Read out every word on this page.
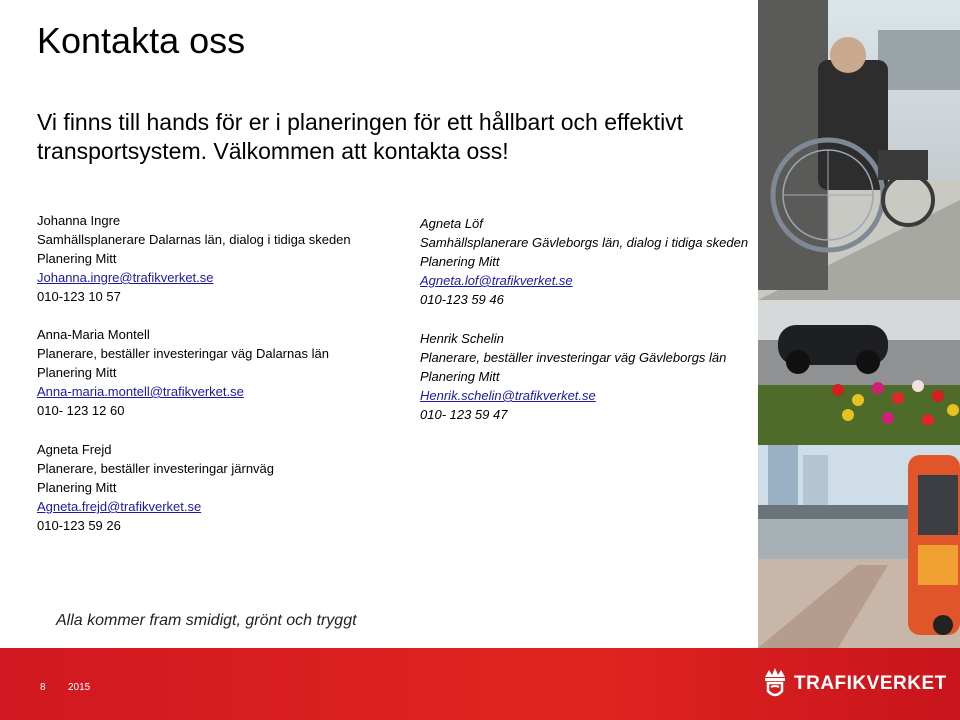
Kontakta oss
Vi finns till hands för er i planeringen för ett hållbart och effektivt transportsystem. Välkommen att kontakta oss!
Johanna Ingre
Samhällsplanerare Dalarnas län, dialog i tidiga skeden
Planering Mitt
Johanna.ingre@trafikverket.se
010-123 10 57
Anna-Maria Montell
Planerare, beställer investeringar väg Dalarnas län
Planering Mitt
Anna-maria.montell@trafikverket.se
010- 123 12 60
Agneta Frejd
Planerare, beställer investeringar järnväg
Planering Mitt
Agneta.frejd@trafikverket.se
010-123 59 26
Agneta Löf
Samhällsplanerare Gävleborgs län, dialog i tidiga skeden
Planering Mitt
Agneta.lof@trafikverket.se
010-123 59 46
Henrik Schelin
Planerare, beställer investeringar väg Gävleborgs län
Planering Mitt
Henrik.schelin@trafikverket.se
010- 123 59 47
Alla kommer fram smidigt, grönt och tryggt
8 2015	TRAFIKVERKET
